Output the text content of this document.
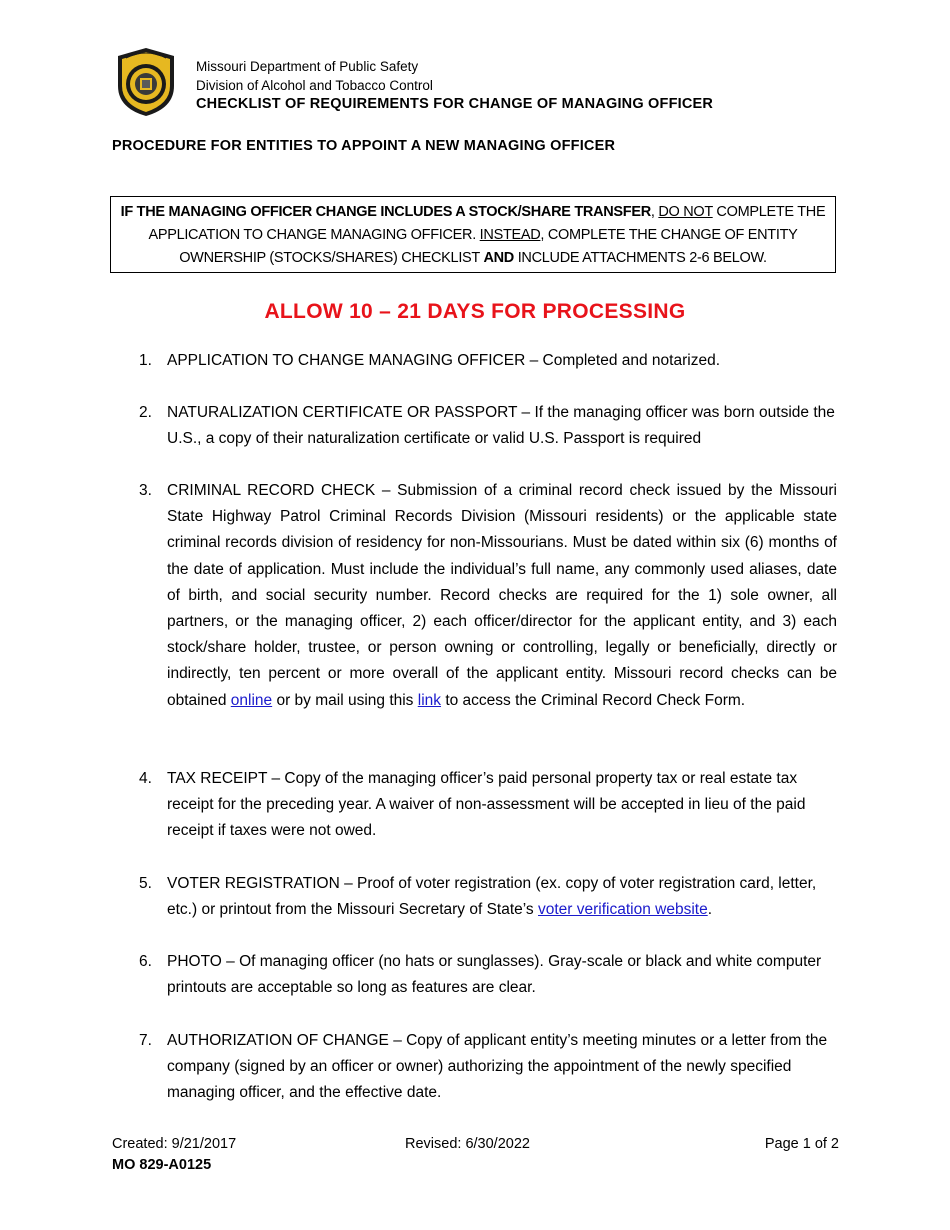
Missouri Department of Public Safety
Division of Alcohol and Tobacco Control
CHECKLIST OF REQUIREMENTS FOR CHANGE OF MANAGING OFFICER
PROCEDURE FOR ENTITIES TO APPOINT A NEW MANAGING OFFICER
IF THE MANAGING OFFICER CHANGE INCLUDES A STOCK/SHARE TRANSFER, DO NOT COMPLETE THE APPLICATION TO CHANGE MANAGING OFFICER. INSTEAD, COMPLETE THE CHANGE OF ENTITY OWNERSHIP (STOCKS/SHARES) CHECKLIST AND INCLUDE ATTACHMENTS 2-6 BELOW.
ALLOW 10 – 21 DAYS FOR PROCESSING
1. APPLICATION TO CHANGE MANAGING OFFICER – Completed and notarized.
2. NATURALIZATION CERTIFICATE OR PASSPORT – If the managing officer was born outside the U.S., a copy of their naturalization certificate or valid U.S. Passport is required
3. CRIMINAL RECORD CHECK – Submission of a criminal record check issued by the Missouri State Highway Patrol Criminal Records Division (Missouri residents) or the applicable state criminal records division of residency for non-Missourians. Must be dated within six (6) months of the date of application. Must include the individual’s full name, any commonly used aliases, date of birth, and social security number. Record checks are required for the 1) sole owner, all partners, or the managing officer, 2) each officer/director for the applicant entity, and 3) each stock/share holder, trustee, or person owning or controlling, legally or beneficially, directly or indirectly, ten percent or more overall of the applicant entity. Missouri record checks can be obtained online or by mail using this link to access the Criminal Record Check Form.
4. TAX RECEIPT – Copy of the managing officer’s paid personal property tax or real estate tax receipt for the preceding year. A waiver of non-assessment will be accepted in lieu of the paid receipt if taxes were not owed.
5. VOTER REGISTRATION – Proof of voter registration (ex. copy of voter registration card, letter, etc.) or printout from the Missouri Secretary of State’s voter verification website.
6. PHOTO – Of managing officer (no hats or sunglasses). Gray-scale or black and white computer printouts are acceptable so long as features are clear.
7. AUTHORIZATION OF CHANGE – Copy of applicant entity’s meeting minutes or a letter from the company (signed by an officer or owner) authorizing the appointment of the newly specified managing officer, and the effective date.
Created: 9/21/2017	Revised: 6/30/2022	Page 1 of 2
MO 829-A0125
